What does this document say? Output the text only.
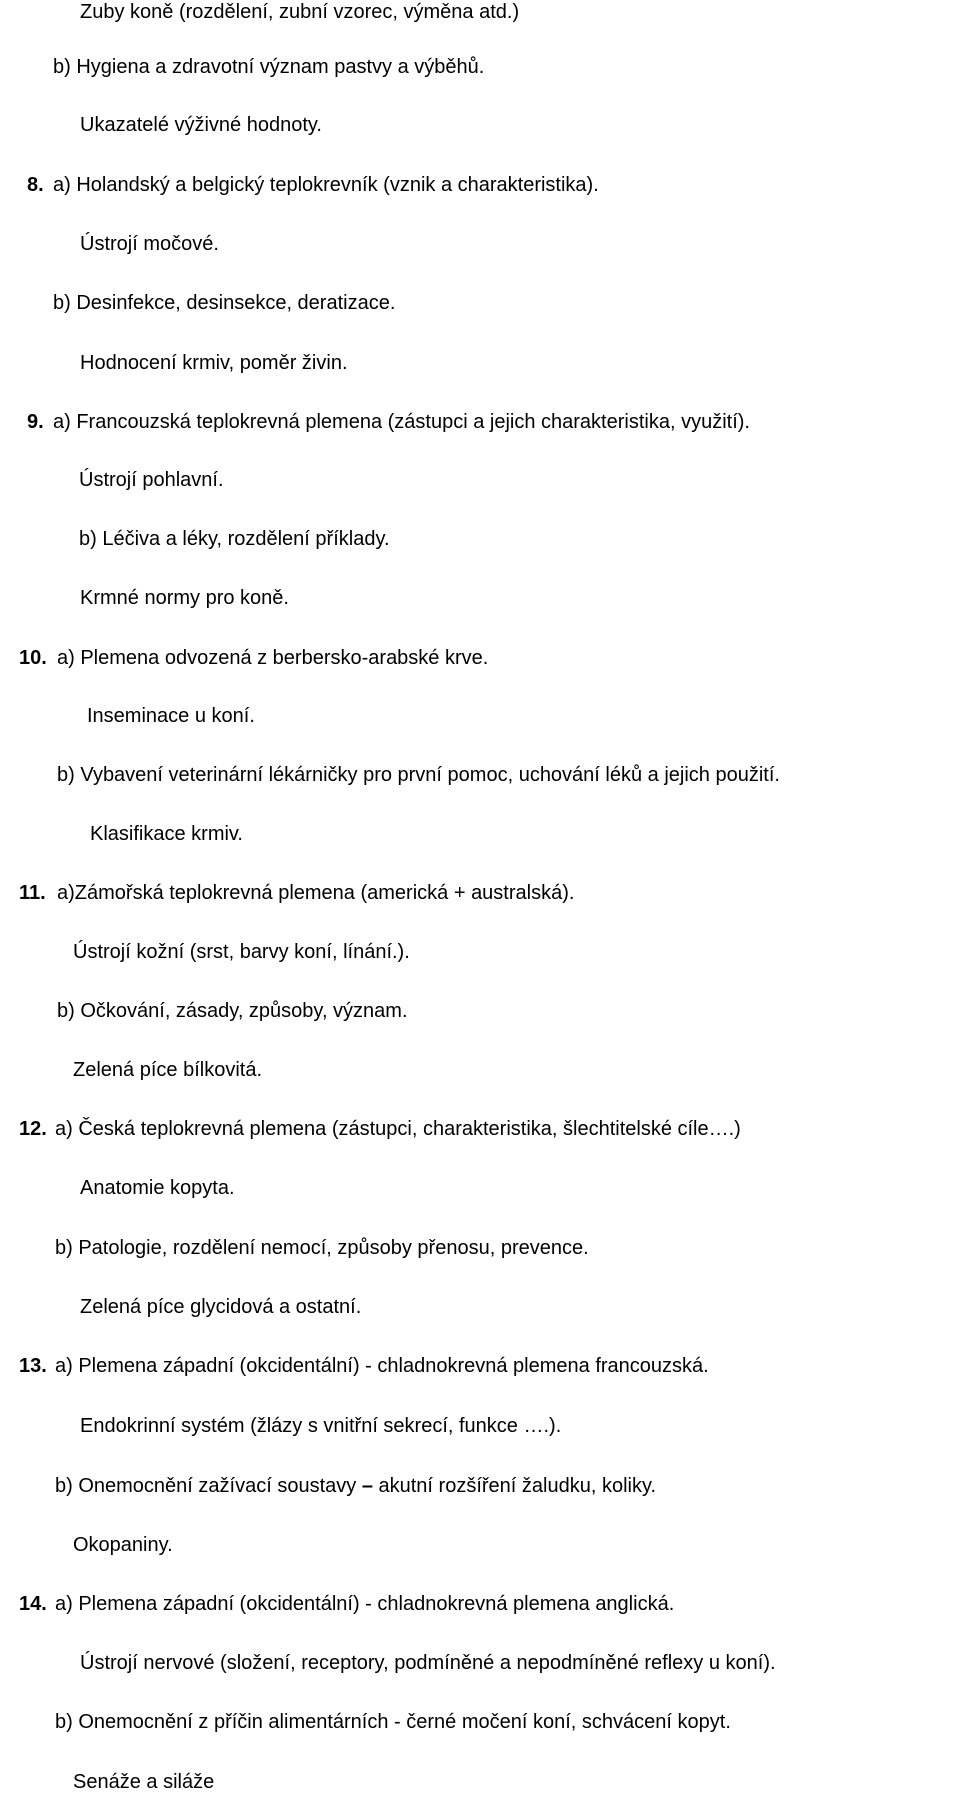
Zuby koně (rozdělení, zubní vzorec, výměna atd.)

b) Hygiena a zdravotní význam pastvy a výběhů.

Ukazatelé výživné hodnoty.

8. a) Holandský a belgický teplokrevník (vznik a charakteristika).

Ústrojí močové.

b) Desinfekce, desinsekce, deratizace.

Hodnocení krmiv, poměr živin.

9. a) Francouzská teplokrevná plemena (zástupci a jejich charakteristika, využití).

Ústrojí pohlavní.

b) Léčiva a léky, rozdělení příklady.

Krmné normy pro koně.

10. a) Plemena odvozená z berbersko-arabské krve.

Inseminace u koní.

b) Vybavení veterinární lékárničky pro první pomoc, uchování léků a jejich použití.

Klasifikace krmiv.

11. a)Zámořská teplokrevná plemena (americká + australská).

Ústrojí kožní (srst, barvy koní, línání.).

b) Očkování, zásady, způsoby, význam.

Zelená píce bílkovitá.

12. a) Česká teplokrevná plemena (zástupci, charakteristika, šlechtitelské cíle….)

Anatomie kopyta.

b) Patologie, rozdělení nemocí, způsoby přenosu, prevence.

Zelená píce glycidová a ostatní.

13. a) Plemena západní (okcidentální) - chladnokrevná plemena francouzská.

Endokrinní systém (žlázy s vnitřní sekrecí, funkce ….).

b) Onemocnění zažívací soustavy – akutní rozšíření žaludku, koliky.

Okopaniny.

14. a) Plemena západní (okcidentální) - chladnokrevná plemena anglická.

Ústrojí nervové (složení, receptory, podmíněné a nepodmíněné reflexy u koní).

b) Onemocnění z příčin alimentárních - černé močení koní, schvácení kopyt.

Senáže a siláže
